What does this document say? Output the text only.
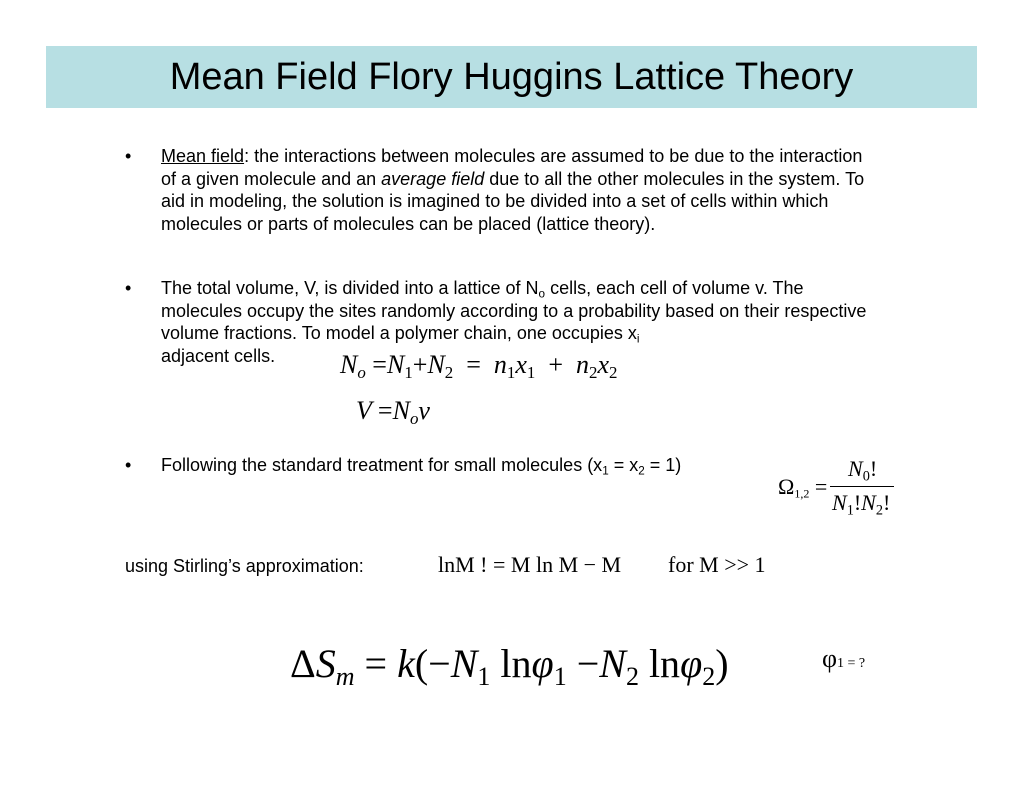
Mean Field Flory Huggins Lattice Theory
• Mean field: the interactions between molecules are assumed to be due to the interaction of a given molecule and an average field due to all the other molecules in the system. To aid in modeling, the solution is imagined to be divided into a set of cells within which molecules or parts of molecules can be placed (lattice theory).
• The total volume, V, is divided into a lattice of $N_o$ cells, each cell of volume v. The molecules occupy the sites randomly according to a probability based on their respective volume fractions. To model a polymer chain, one occupies $x_i$
adjacent cells.	$N_o =N_1+N_2 = n_1x_1 + n_2x_2$
$V =N_ov$
• Following the standard treatment for small molecules $(x_1 = x_2 = 1)$
$\Omega_{1,2}$ =
$N_0$!
$N_1!N_2$!
using Stirling’s approximation:	lnM ! = M ln M − M for M >> 1
$\Delta S_m = k(-N_1$ $\ln\varphi_1 -N_2$ lnφ$_2$)	φ1 = ?
